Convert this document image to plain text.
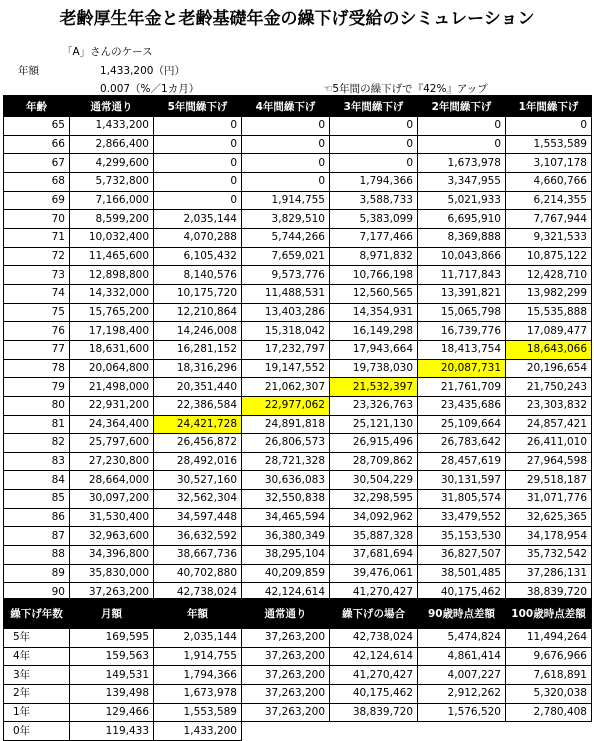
老齢厚生年金と老齢基礎年金の繰下げ受給のシミュレーション
「A」さんのケース
年額	1,433,200（円）
0.007（%／1カ月）	☜5年間の繰下げで『42%』アップ
年齢	通常通り	5年間繰下げ	4年間繰下げ	3年間繰下げ	2年間繰下げ	1年間繰下げ
65	1,433,200	0	0	0	0	0
66	2,866,400	0	0	0	0	1,553,589
67	4,299,600	0	0	0	1,673,978	3,107,178
68	5,732,800	0	0	1,794,366	3,347,955	4,660,766
69	7,166,000	0	1,914,755	3,588,733	5,021,933	6,214,355
70	8,599,200	2,035,144	3,829,510	5,383,099	6,695,910	7,767,944
71	10,032,400	4,070,288	5,744,266	7,177,466	8,369,888	9,321,533
72	11,465,600	6,105,432	7,659,021	8,971,832	10,043,866	10,875,122
73	12,898,800	8,140,576	9,573,776	10,766,198	11,717,843	12,428,710
74	14,332,000	10,175,720	11,488,531	12,560,565	13,391,821	13,982,299
75	15,765,200	12,210,864	13,403,286	14,354,931	15,065,798	15,535,888
76	17,198,400	14,246,008	15,318,042	16,149,298	16,739,776	17,089,477
77	18,631,600	16,281,152	17,232,797	17,943,664	18,413,754	18,643,066
78	20,064,800	18,316,296	19,147,552	19,738,030	20,087,731	20,196,654
79	21,498,000	20,351,440	21,062,307	21,532,397	21,761,709	21,750,243
80	22,931,200	22,386,584	22,977,062	23,326,763	23,435,686	23,303,832
81	24,364,400	24,421,728	24,891,818	25,121,130	25,109,664	24,857,421
82	25,797,600	26,456,872	26,806,573	26,915,496	26,783,642	26,411,010
83	27,230,800	28,492,016	28,721,328	28,709,862	28,457,619	27,964,598
84	28,664,000	30,527,160	30,636,083	30,504,229	30,131,597	29,518,187
85	30,097,200	32,562,304	32,550,838	32,298,595	31,805,574	31,071,776
86	31,530,400	34,597,448	34,465,594	34,092,962	33,479,552	32,625,365
87	32,963,600	36,632,592	36,380,349	35,887,328	35,153,530	34,178,954
88	34,396,800	38,667,736	38,295,104	37,681,694	36,827,507	35,732,542
89	35,830,000	40,702,880	40,209,859	39,476,061	38,501,485	37,286,131
90	37,263,200	42,738,024	42,124,614	41,270,427	40,175,462	38,839,720
繰下げ年数	月額	年額	通常通り	繰下げの場合	90歳時点差額	100歳時点差額
5年	169,595	2,035,144	37,263,200	42,738,024	5,474,824	11,494,264
4年	159,563	1,914,755	37,263,200	42,124,614	4,861,414	9,676,966
3年	149,531	1,794,366	37,263,200	41,270,427	4,007,227	7,618,891
2年	139,498	1,673,978	37,263,200	40,175,462	2,912,262	5,320,038
1年	129,466	1,553,589	37,263,200	38,839,720	1,576,520	2,780,408
0年	119,433	1,433,200				
